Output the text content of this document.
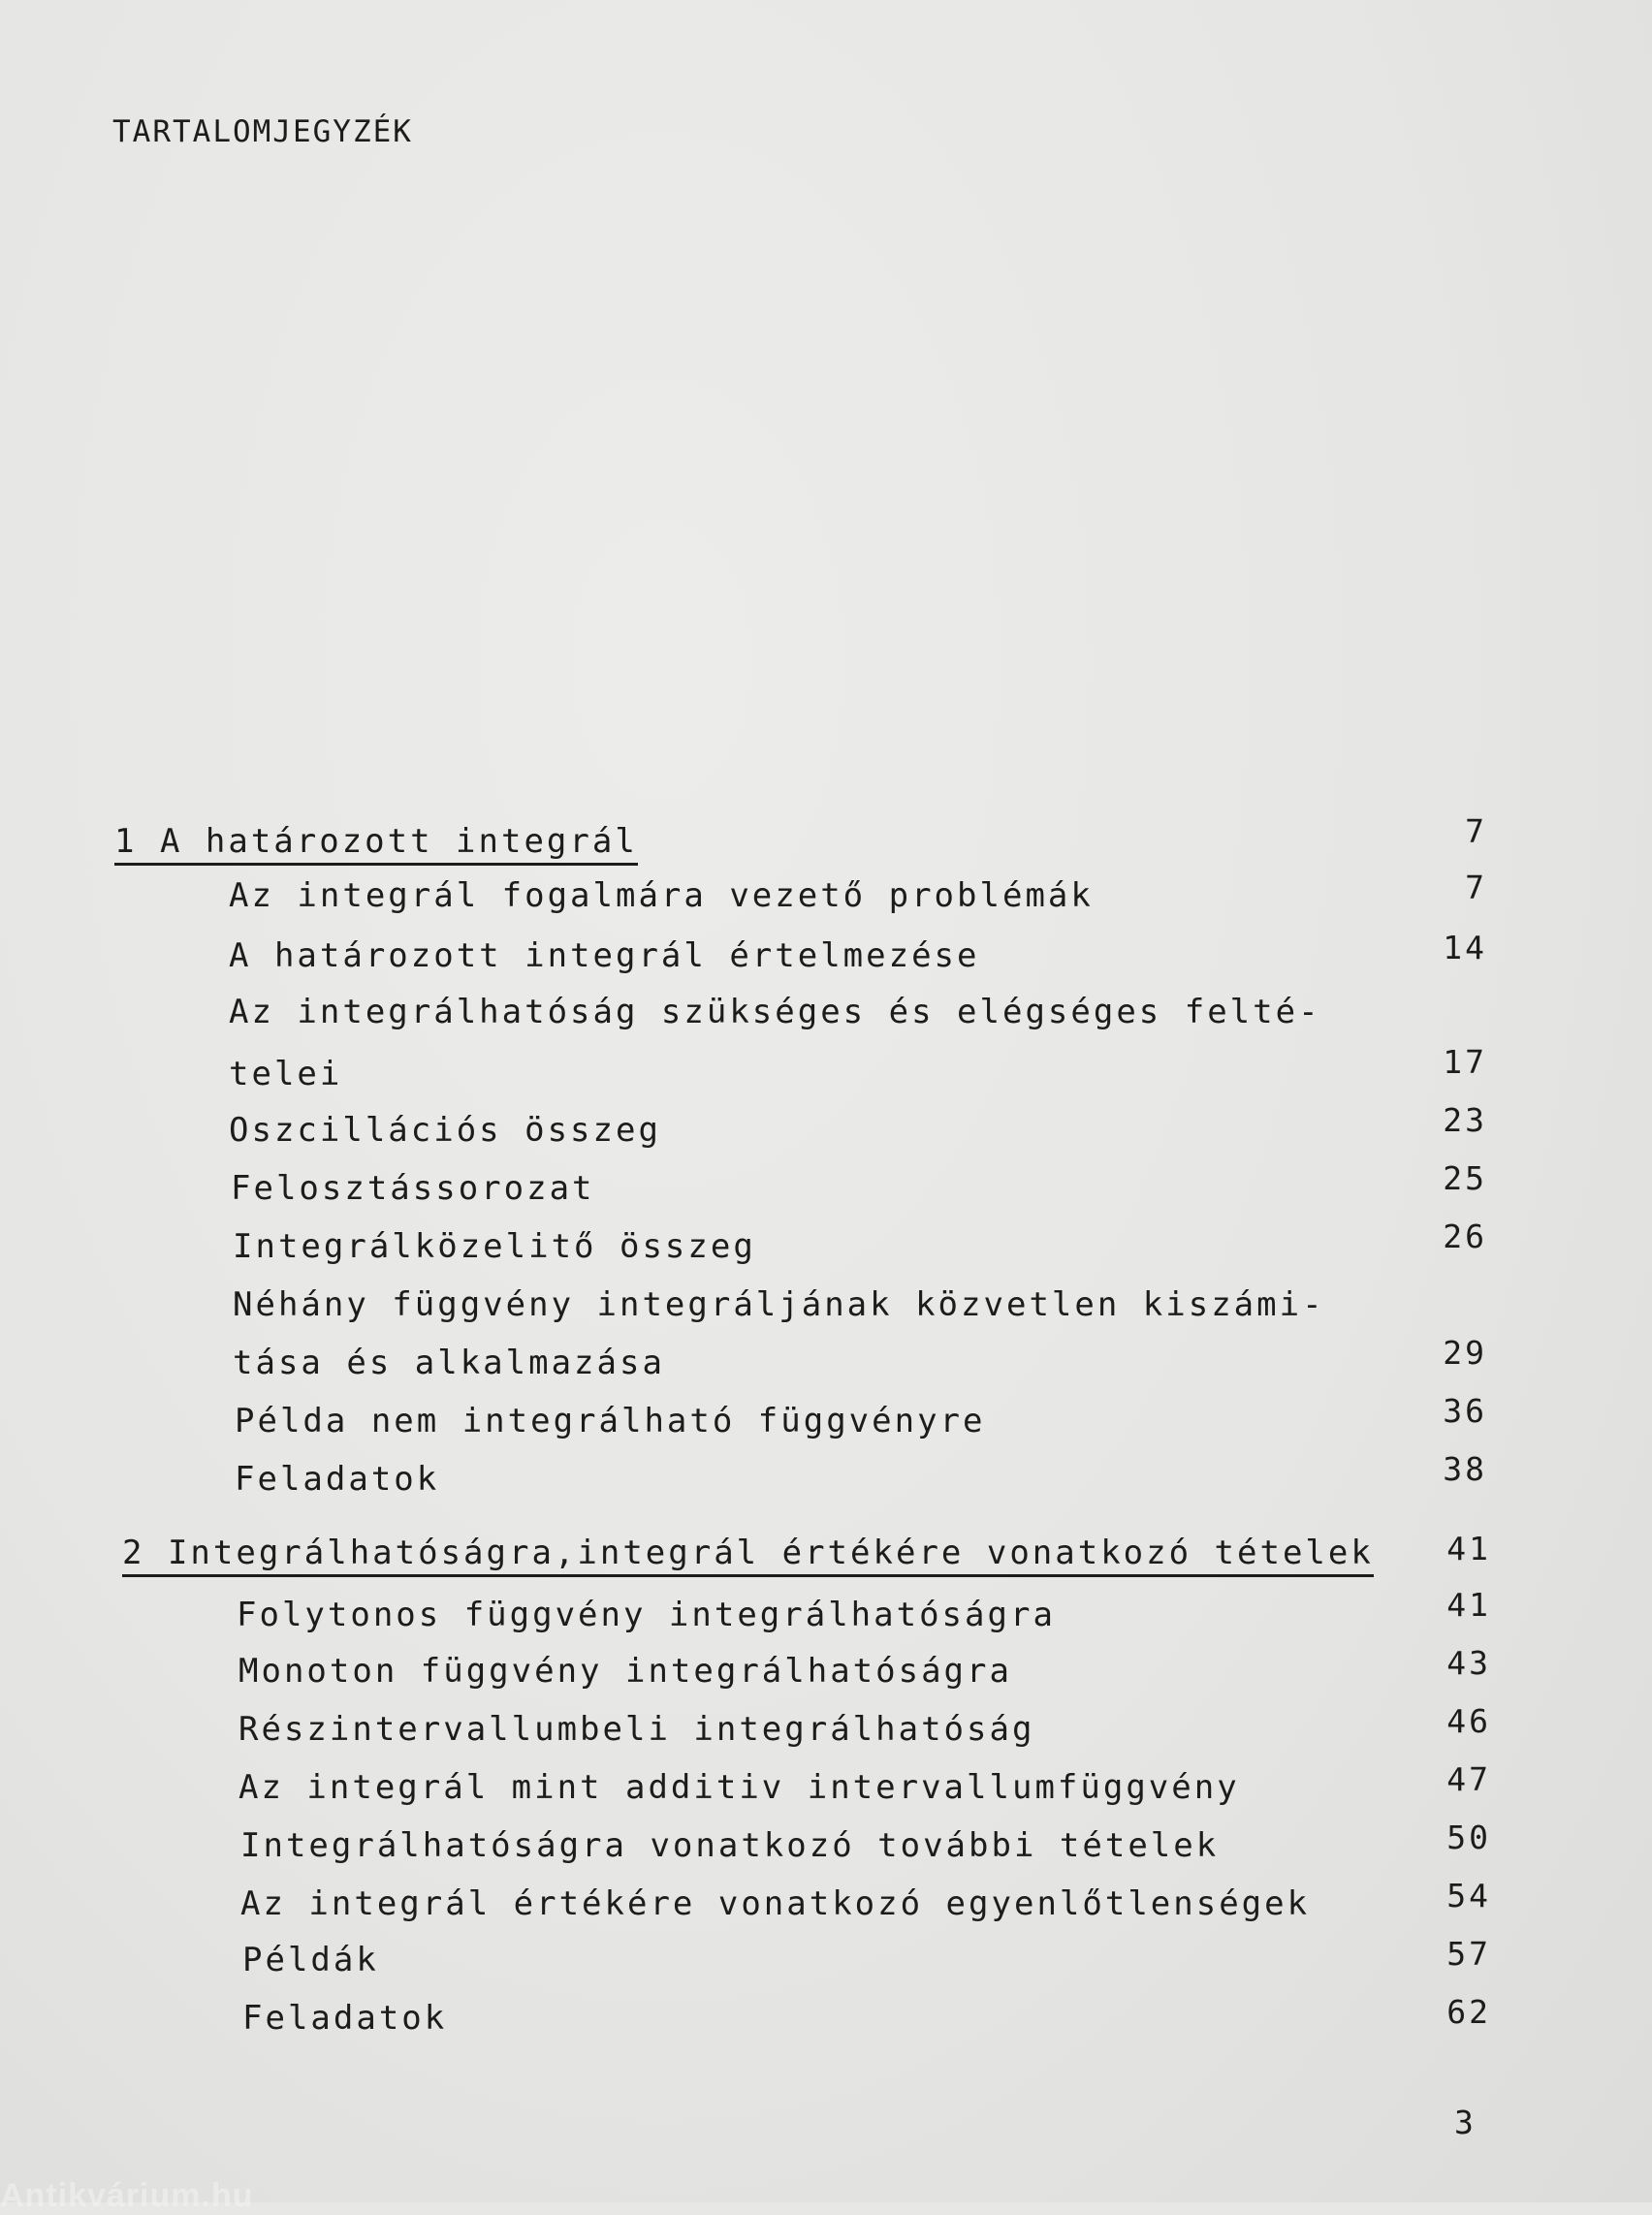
TARTALOMJEGYZÉK
1 A határozott integrál	7
Az integrál fogalmára vezető problémák	7
A határozott integrál értelmezése	14
Az integrálhatóság szükséges és elégséges felté-
telei	17
Oszcillációs összeg	23
Felosztássorozat	25
Integrálközelitő összeg	26
Néhány függvény integráljának közvetlen kiszámi-
tása és alkalmazása	29
Példa nem integrálható függvényre	36
Feladatok	38
2 Integrálhatóságra,integrál értékére vonatkozó tételek 41
Folytonos függvény integrálhatóságra	41
Monoton függvény integrálhatóságra	43
Részintervallumbeli integrálhatóság	46
Az integrál mint additiv intervallumfüggvény	47
Integrálhatóságra vonatkozó további tételek	50
Az integrál értékére vonatkozó egyenlőtlenségek	54
Példák	57
Feladatok	62
3
Antikvárium.hu
